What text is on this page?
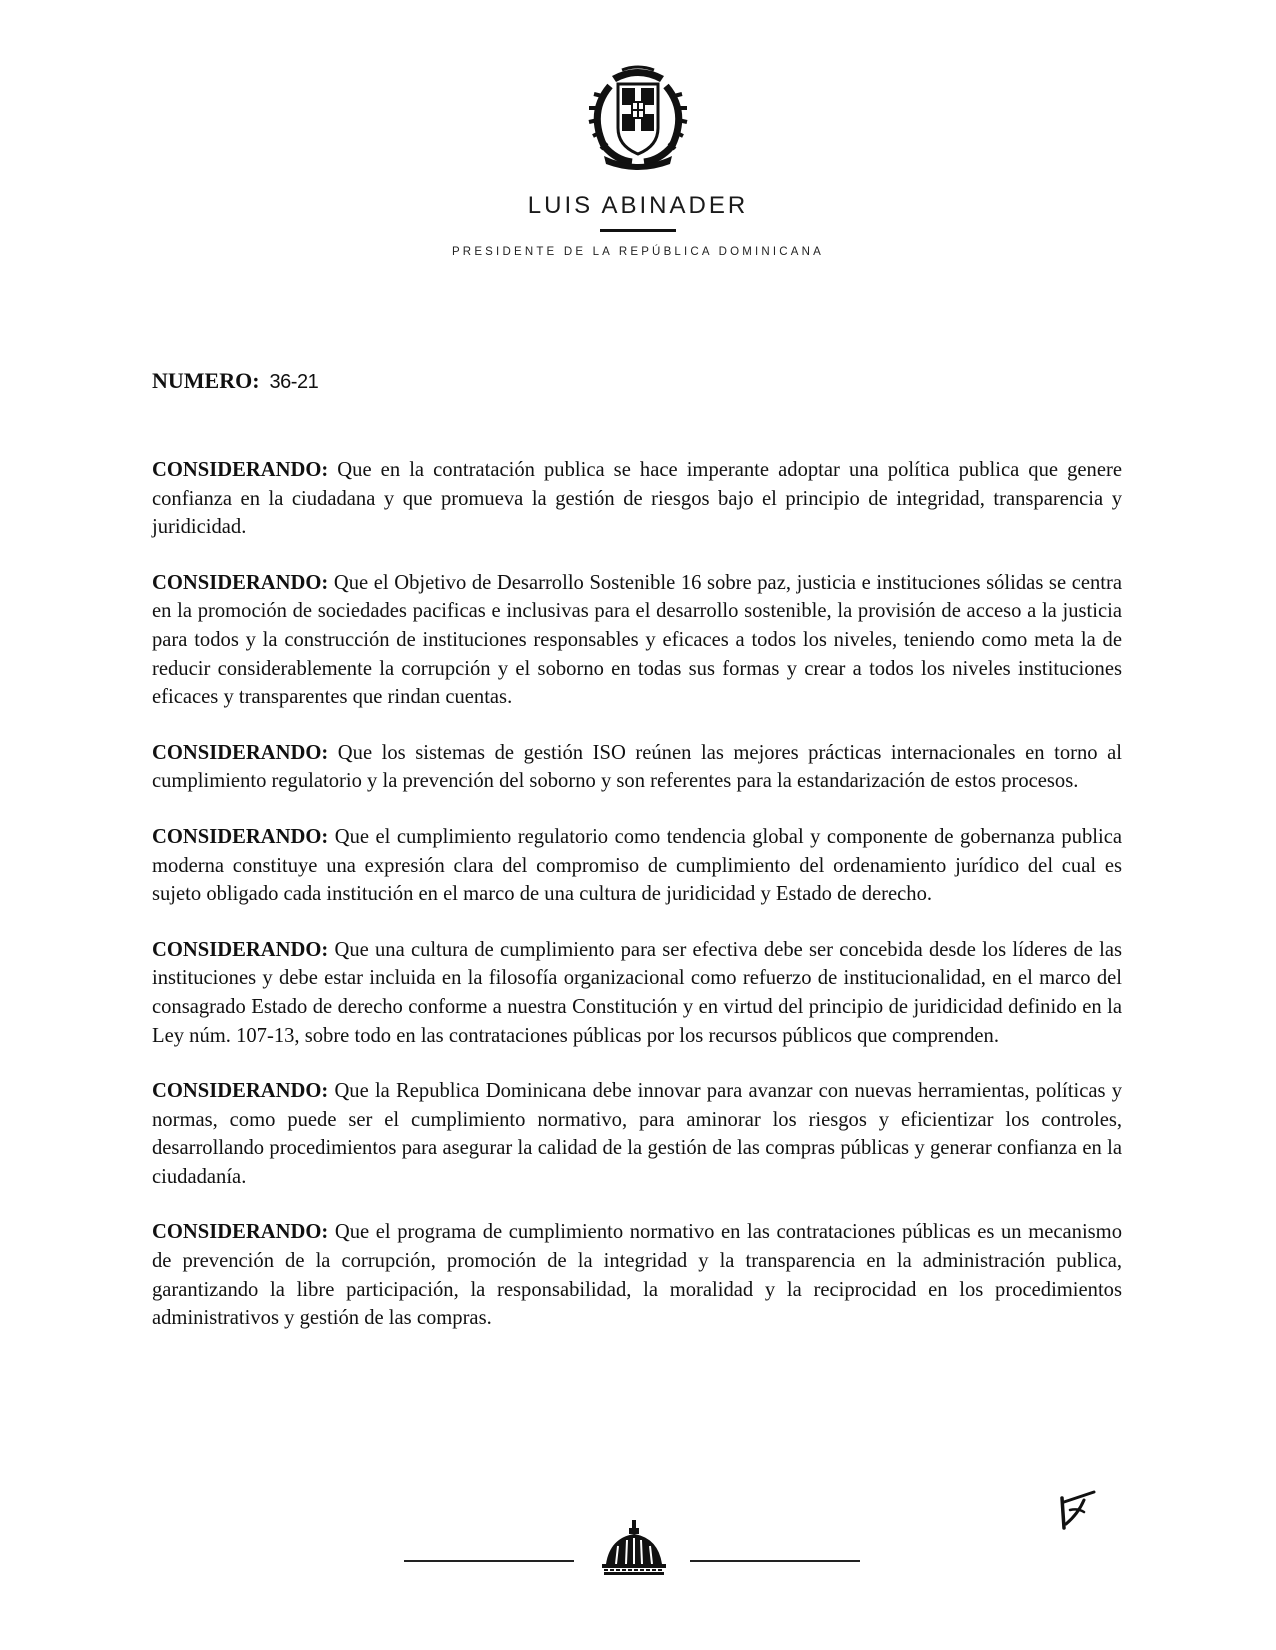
LUIS ABINADER
PRESIDENTE DE LA REPÚBLICA DOMINICANA

NUMERO: 36-21

CONSIDERANDO: Que en la contratación publica se hace imperante adoptar una política publica que genere confianza en la ciudadana y que promueva la gestión de riesgos bajo el principio de integridad, transparencia y juridicidad.

CONSIDERANDO: Que el Objetivo de Desarrollo Sostenible 16 sobre paz, justicia e instituciones sólidas se centra en la promoción de sociedades pacificas e inclusivas para el desarrollo sostenible, la provisión de acceso a la justicia para todos y la construcción de instituciones responsables y eficaces a todos los niveles, teniendo como meta la de reducir considerablemente la corrupción y el soborno en todas sus formas y crear a todos los niveles instituciones eficaces y transparentes que rindan cuentas.

CONSIDERANDO: Que los sistemas de gestión ISO reúnen las mejores prácticas internacionales en torno al cumplimiento regulatorio y la prevención del soborno y son referentes para la estandarización de estos procesos.

CONSIDERANDO: Que el cumplimiento regulatorio como tendencia global y componente de gobernanza publica moderna constituye una expresión clara del compromiso de cumplimiento del ordenamiento jurídico del cual es sujeto obligado cada institución en el marco de una cultura de juridicidad y Estado de derecho.

CONSIDERANDO: Que una cultura de cumplimiento para ser efectiva debe ser concebida desde los líderes de las instituciones y debe estar incluida en la filosofía organizacional como refuerzo de institucionalidad, en el marco del consagrado Estado de derecho conforme a nuestra Constitución y en virtud del principio de juridicidad definido en la Ley núm. 107-13, sobre todo en las contrataciones públicas por los recursos públicos que comprenden.

CONSIDERANDO: Que la Republica Dominicana debe innovar para avanzar con nuevas herramientas, políticas y normas, como puede ser el cumplimiento normativo, para aminorar los riesgos y eficientizar los controles, desarrollando procedimientos para asegurar la calidad de la gestión de las compras públicas y generar confianza en la ciudadanía.

CONSIDERANDO: Que el programa de cumplimiento normativo en las contrataciones públicas es un mecanismo de prevención de la corrupción, promoción de la integridad y la transparencia en la administración publica, garantizando la libre participación, la responsabilidad, la moralidad y la reciprocidad en los procedimientos administrativos y gestión de las compras.
